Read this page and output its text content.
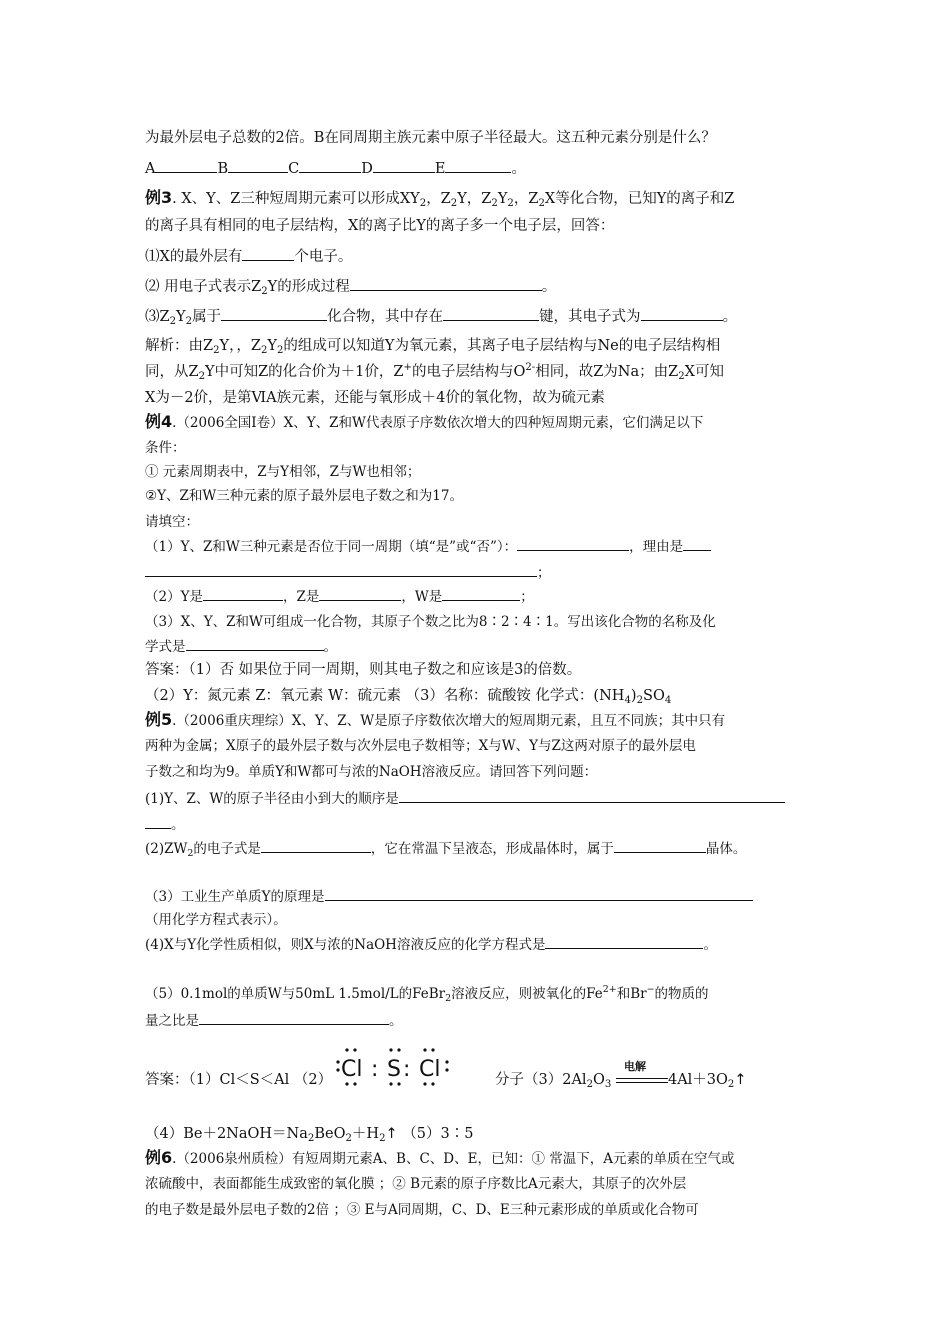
为最外层电子总数的2倍。B在同周期主族元素中原子半径最大。这五种元素分别是什么？
A	B	C	D	E	。
例3. X、Y、Z三种短周期元素可以形成$XY_2$，$Z_2Y$，$Z_2Y_2$，$Z_2X$等化合物，已知Y的离子和Z
的离子具有相同的电子层结构，X的离子比Y的离子多一个电子层，回答：
⑴X的最外层有	个电子。
⑵ 用电子式表示$Z_2Y$的形成过程	。
$⑶Z_2Y_2$属于	化合物，其中存在	键，其电子式为	。
解析：由$Z_2Y$，，$Z_2Y_2$的组成可以知道Y为氧元素，其离子电子层结构与Ne的电子层结构相
同，从$Z_2Y$中可知Z的化合价为＋1价，Z+的电子层结构与$O^{2-}$相同，故Z为Na；由$Z_2X$可知
X为－2价，是第ⅥA族元素，还能与氧形成＋4价的氧化物，故为硫元素
例4.（2006全国Ⅰ卷）X、Y、Z和W代表原子序数依次增大的四种短周期元素，它们满足以下
条件：
① 元素周期表中，Z与Y相邻，Z与W也相邻；
②Y、Z和W三种元素的原子最外层电子数之和为17。
请填空：
（1）Y、Z和W三种元素是否位于同一周期（填“是”或“否”）：	，理由是
；
（2）Y是	，Z是	，W是	；
（3）X、Y、Z和W可组成一化合物，其原子个数之比为8∶2∶4∶1。写出该化合物的名称及化
学式是	。
答案：（1）否 如果位于同一周期，则其电子数之和应该是3的倍数。
（2）Y：氮元素 Z：氧元素 W：硫元素 （3）名称：硫酸铵 化学式：$(NH_4)_2SO_4$
例5.（2006重庆理综）X、Y、Z、W是原子序数依次增大的短周期元素，且互不同族；其中只有
两种为金属；X原子的最外层子数与次外层电子数相等；X与W、Y与Z这两对原子的最外层电
子数之和均为9。单质Y和W都可与浓的NaOH溶液反应。请回答下列问题：
(1)Y、Z、W的原子半径由小到大的顺序是
。
$(2)ZW_2$的电子式是	，它在常温下呈液态，形成晶体时，属于	晶体。
（3）工业生产单质Y的原理是
（用化学方程式表示）。
(4)X与Y化学性质相似，则X与浓的NaOH溶液反应的化学方程式是	。
（5）0.1mol的单质W与50mL 1.5mol/L的FeBr$_2$溶液反应，则被氧化的$Fe^{2+}$和Br−的物质的
量之比是	。
答案：（1）Cl＜S＜Al （2） Cl : S : Cl	分子$(3)2Al_2O_3$
电解
$4Al+3O_2↑$
$(4)Be+2NaOH=Na_2BeO_2+H_2↑$ （5）3∶5
例6.（2006泉州质检）有短周期元素A、B、C、D、E，已知：① 常温下，A元素的单质在空气或
浓硫酸中，表面都能生成致密的氧化膜 ；② B元素的原子序数比A元素大，其原子的次外层
的电子数是最外层电子数的2倍 ；③ E与A同周期，C、D、E三种元素形成的单质或化合物可
